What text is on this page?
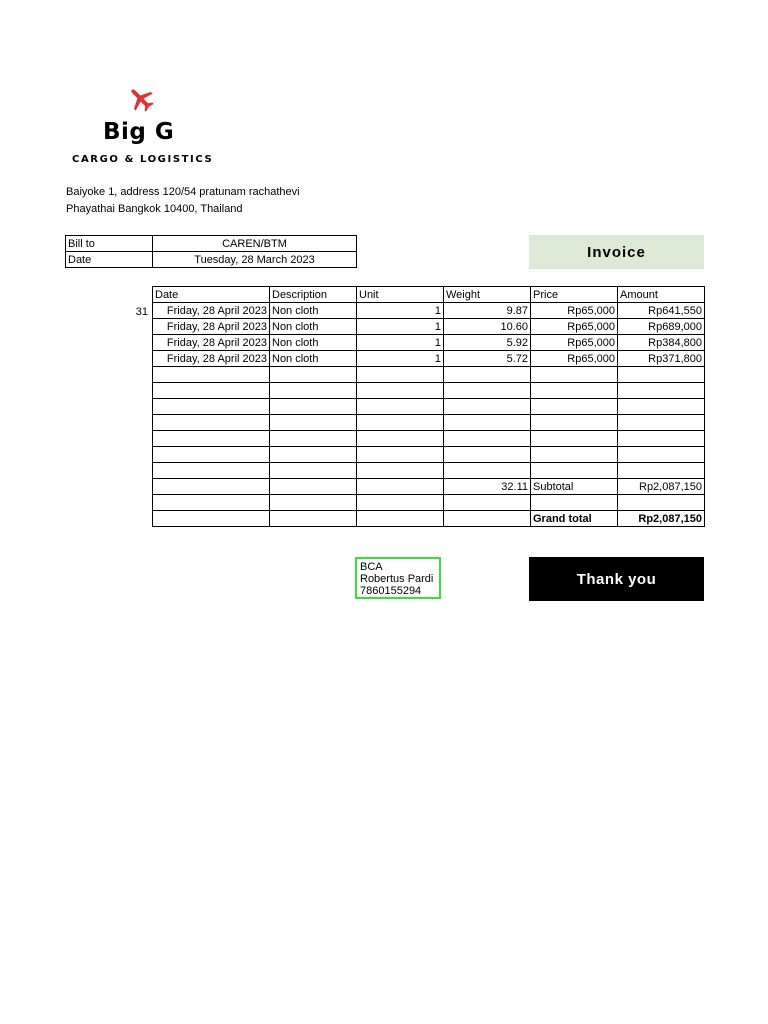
Big G
CARGO & LOGISTICS
Baiyoke 1, address 120/54 pratunam rachathevi
Phayathai Bangkok 10400, Thailand
Bill to	CAREN/BTM
Date	Tuesday, 28 March 2023	Invoice
31
Date	Description	Unit	Weight	Price	Amount
Friday, 28 April 2023	Non cloth	1	9.87	Rp65,000	Rp641,550
Friday, 28 April 2023	Non cloth	1	10.60	Rp65,000	Rp689,000
Friday, 28 April 2023	Non cloth	1	5.92	Rp65,000	Rp384,800
Friday, 28 April 2023	Non cloth	1	5.72	Rp65,000	Rp371,800

			32.11	Subtotal	Rp2,087,150

				Grand total	Rp2,087,150
BCA
Robertus Pardi
7860155294
Thank you
